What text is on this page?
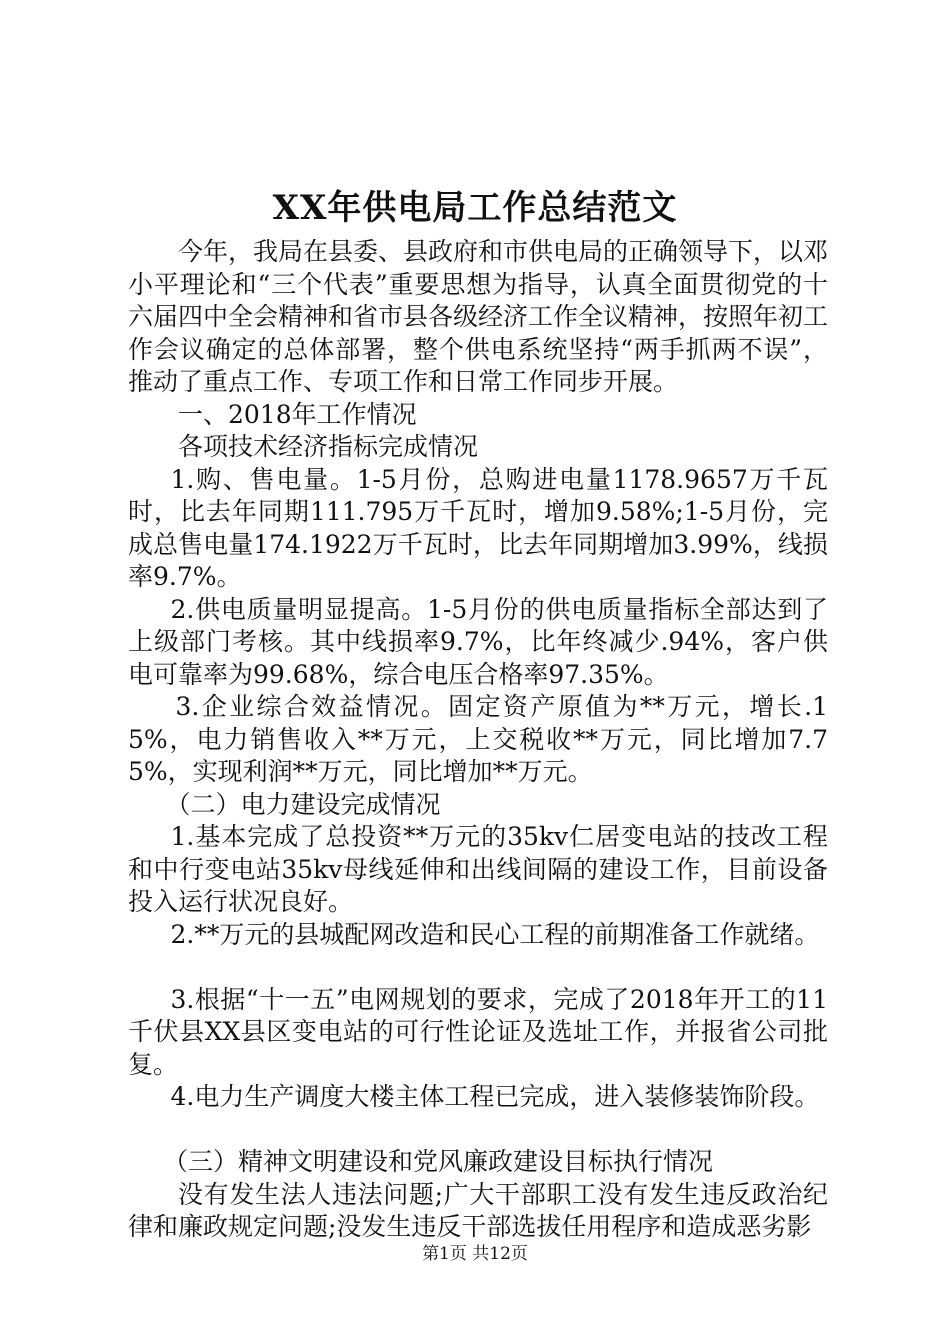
XX年供电局工作总结范文

今年，我局在县委、县政府和市供电局的正确领导下，以邓小平理论和“三个代表”重要思想为指导，认真全面贯彻党的十六届四中全会精神和省市县各级经济工作全议精神，按照年初工作会议确定的总体部署，整个供电系统坚持“两手抓两不误”，推动了重点工作、专项工作和日常工作同步开展。

一、2018年工作情况

各项技术经济指标完成情况

1.购、售电量。1-5月份，总购进电量1178.9657万千瓦时，比去年同期111.795万千瓦时，增加9.58%;1-5月份，完成总售电量174.1922万千瓦时，比去年同期增加3.99%，线损率9.7%。

2.供电质量明显提高。1-5月份的供电质量指标全部达到了上级部门考核。其中线损率9.7%，比年终减少.94%，客户供电可靠率为99.68%，综合电压合格率97.35%。

3.企业综合效益情况。固定资产原值为**万元，增长.15%，电力销售收入**万元，上交税收**万元，同比增加7.75%，实现利润**万元，同比增加**万元。

（二）电力建设完成情况

1.基本完成了总投资**万元的35kv仁居变电站的技改工程和中行变电站35kv母线延伸和出线间隔的建设工作，目前设备投入运行状况良好。

2.**万元的县城配网改造和民心工程的前期准备工作就绪。

3.根据“十一五”电网规划的要求，完成了2018年开工的11千伏县XX县区变电站的可行性论证及选址工作，并报省公司批复。

4.电力生产调度大楼主体工程已完成，进入装修装饰阶段。

（三）精神文明建设和党风廉政建设目标执行情况

没有发生法人违法问题;广大干部职工没有发生违反政治纪律和廉政规定问题;没发生违反干部选拔任用程序和造成恶劣影

第1页 共12页
